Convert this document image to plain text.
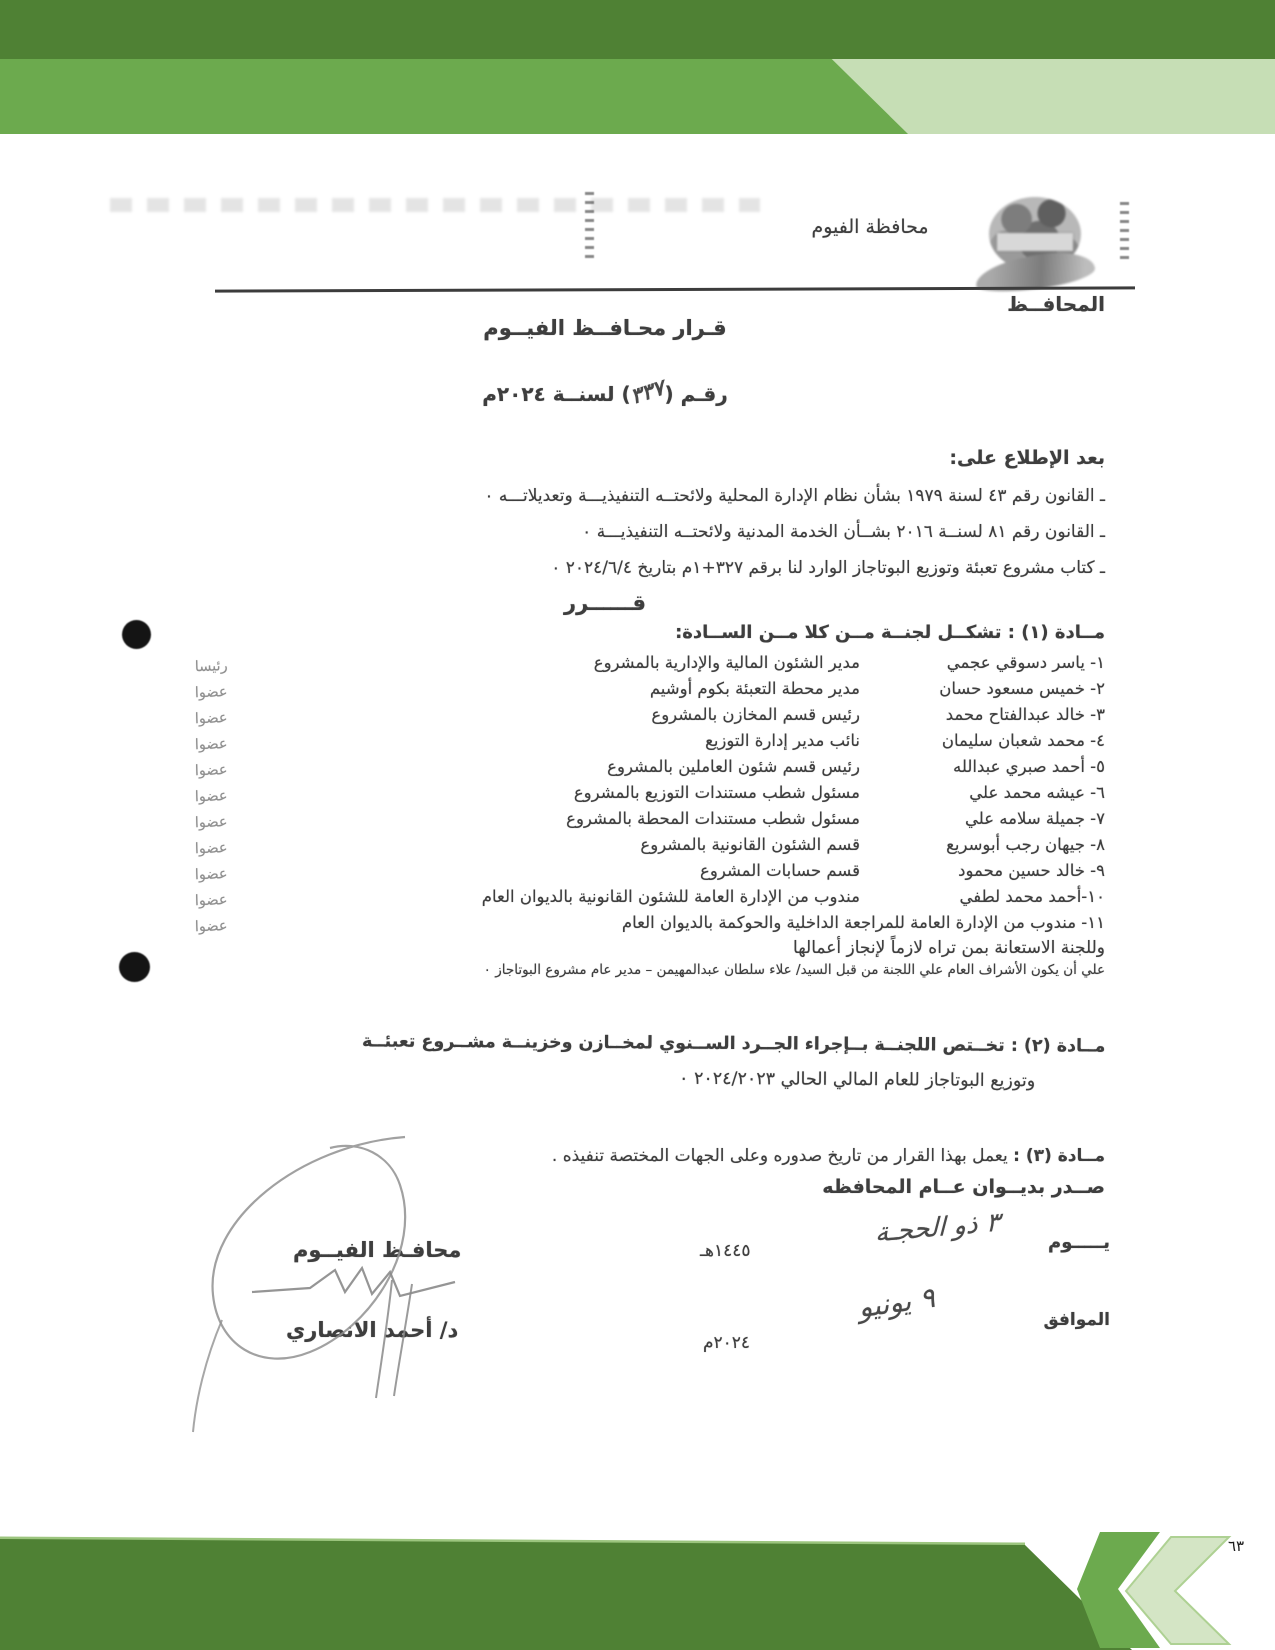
محافظة الفيوم
المحافــظ
قـرار محـافــظ الفيــوم
رقـم (٣٣٧) لسنــة ٢٠٢٤م
بعد الإطلاع على:
ـ القانون رقم ٤٣ لسنة ١٩٧٩ بشأن نظام الإدارة المحلية ولائحتــه التنفيذيـــة وتعديلاتـــه ٠
ـ القانون رقم ٨١ لسنــة ٢٠١٦ بشــأن الخدمة المدنية ولائحتــه التنفيذيـــة ٠
ـ كتاب مشروع تعبئة وتوزيع البوتاجاز الوارد لنا برقم ٣٢٧+١م بتاريخ ٢٠٢٤/٦/٤ ٠
قــــــرر
مــادة (١) : تشكــل لجنــة مــن كلا مــن الســادة:
١- ياسر دسوقي عجمي
مدير الشئون المالية والإدارية بالمشروع
رئيسا
٢- خميس مسعود حسان
مدير محطة التعبئة بكوم أوشيم
عضوا
٣- خالد عبدالفتاح محمد
رئيس قسم المخازن بالمشروع
عضوا
٤- محمد شعبان سليمان
نائب مدير إدارة التوزيع
عضوا
٥- أحمد صبري عبدالله
رئيس قسم شئون العاملين بالمشروع
عضوا
٦- عيشه محمد علي
مسئول شطب مستندات التوزيع بالمشروع
عضوا
٧- جميلة سلامه علي
مسئول شطب مستندات المحطة بالمشروع
عضوا
٨- جيهان رجب أبوسريع
قسم الشئون القانونية بالمشروع
عضوا
٩- خالد حسين محمود
قسم حسابات المشروع
عضوا
١٠-أحمد محمد لطفي
مندوب من الإدارة العامة للشئون القانونية بالديوان العام
عضوا
١١- مندوب من الإدارة العامة للمراجعة الداخلية والحوكمة بالديوان العام
عضوا
وللجنة الاستعانة بمن تراه لازماً لإنجاز أعمالها
علي أن يكون الأشراف العام علي اللجنة من قبل السيد/ علاء سلطان عبدالمهيمن – مدير عام مشروع البوتاجاز ٠
مــادة (٢) : تخــتص اللجنــة بــإجراء الجــرد الســنوي لمخــازن وخزينــة مشــروع تعبئــة
وتوزيع البوتاجاز للعام المالي الحالي ٢٠٢٤/٢٠٢٣ ٠
مــادة (٣) : يعمل بهذا القرار من تاريخ صدوره وعلى الجهات المختصة تنفيذه .
صــدر بديــوان عــام المحافظه
يـــــوم
٣ ذو الحجـة
١٤٤٥هـ
الموافق
٩ يونيو
٢٠٢٤م
محافـظ الفيــوم
د/ أحمد الانصاري
٦٣
